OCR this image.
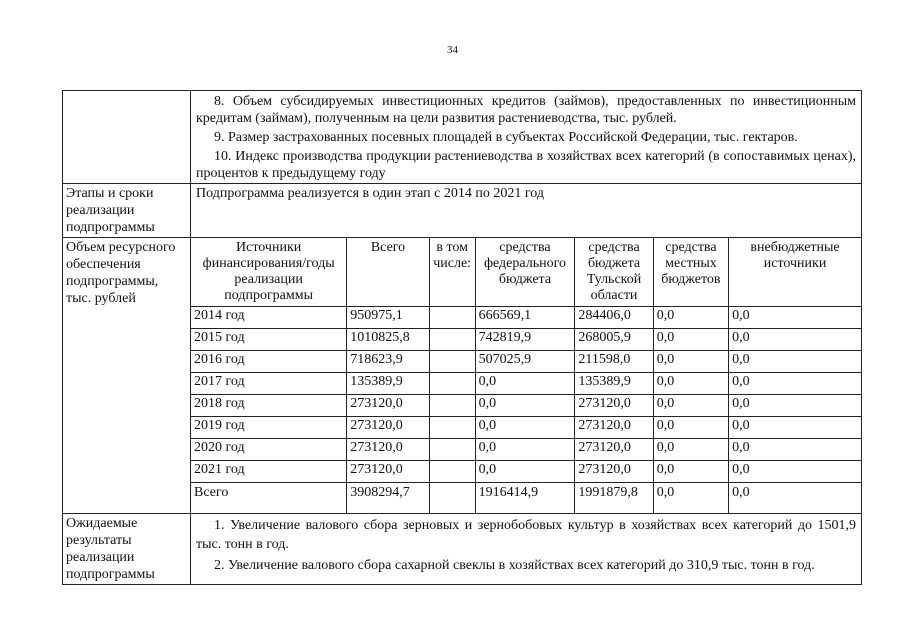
34

8. Объем субсидируемых инвестиционных кредитов (займов), предоставленных по инвестиционным кредитам (займам), полученным на цели развития растениеводства, тыс. рублей.

9. Размер застрахованных посевных площадей в субъектах Российской Федерации, тыс. гектаров.

10. Индекс производства продукции растениеводства в хозяйствах всех категорий (в сопоставимых ценах), процентов к предыдущему году

Этапы и сроки реализации подпрограммы	
Подпрограмма реализуется в один этап с 2014 по 2021 год

Объем ресурсного обеспечения подпрограммы, тыс. рублей	
Источники финансирования/годы реализации подпрограммы	Всего	в том числе:	средства федерального бюджета	средства бюджета Тульской области	средства местных бюджетов	внебюджетные источники
2014 год	950975,1		666569,1	284406,0	0,0	0,0
2015 год	1010825,8		742819,9	268005,9	0,0	0,0
2016 год	718623,9		507025,9	211598,0	0,0	0,0
2017 год	135389,9		0,0	135389,9	0,0	0,0
2018 год	273120,0		0,0	273120,0	0,0	0,0
2019 год	273120,0		0,0	273120,0	0,0	0,0
2020 год	273120,0		0,0	273120,0	0,0	0,0
2021 год	273120,0		0,0	273120,0	0,0	0,0
Всего	3908294,7		1916414,9	1991879,8	0,0	0,0

Ожидаемые результаты реализации подпрограммы	

1. Увеличение валового сбора зерновых и зернобобовых культур в хозяйствах всех категорий до 1501,9 тыс. тонн в год.

2. Увеличение валового сбора сахарной свеклы в хозяйствах всех категорий до 310,9 тыс. тонн в год.
